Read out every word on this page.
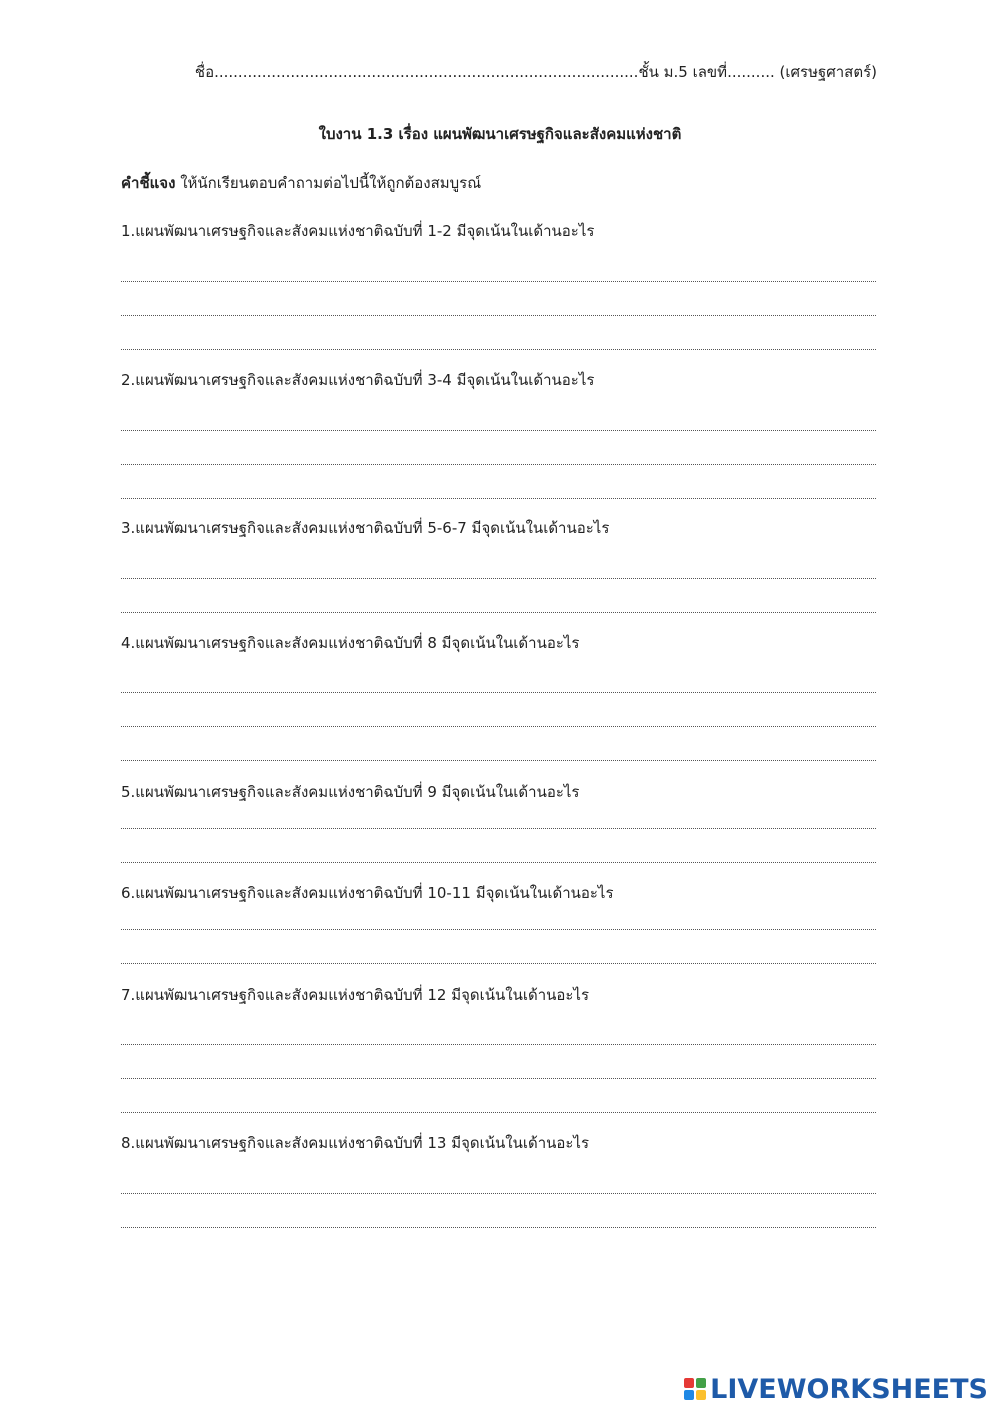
ชื่อ.........................................................................................ชั้น ม.5 เลขที่.......... (เศรษฐศาสตร์)
ใบงาน 1.3 เรื่อง แผนพัฒนาเศรษฐกิจและสังคมแห่งชาติ
คำชี้แจง ให้นักเรียนตอบคำถามต่อไปนี้ให้ถูกต้องสมบูรณ์
1.แผนพัฒนาเศรษฐกิจและสังคมแห่งชาติฉบับที่ 1-2 มีจุดเน้นในเด้านอะไร
2.แผนพัฒนาเศรษฐกิจและสังคมแห่งชาติฉบับที่ 3-4 มีจุดเน้นในเด้านอะไร
3.แผนพัฒนาเศรษฐกิจและสังคมแห่งชาติฉบับที่ 5-6-7 มีจุดเน้นในเด้านอะไร
4.แผนพัฒนาเศรษฐกิจและสังคมแห่งชาติฉบับที่ 8 มีจุดเน้นในเด้านอะไร
5.แผนพัฒนาเศรษฐกิจและสังคมแห่งชาติฉบับที่ 9 มีจุดเน้นในเด้านอะไร
6.แผนพัฒนาเศรษฐกิจและสังคมแห่งชาติฉบับที่ 10-11 มีจุดเน้นในเด้านอะไร
7.แผนพัฒนาเศรษฐกิจและสังคมแห่งชาติฉบับที่ 12 มีจุดเน้นในเด้านอะไร
8.แผนพัฒนาเศรษฐกิจและสังคมแห่งชาติฉบับที่ 13 มีจุดเน้นในเด้านอะไร
LIVEWORKSHEETS
